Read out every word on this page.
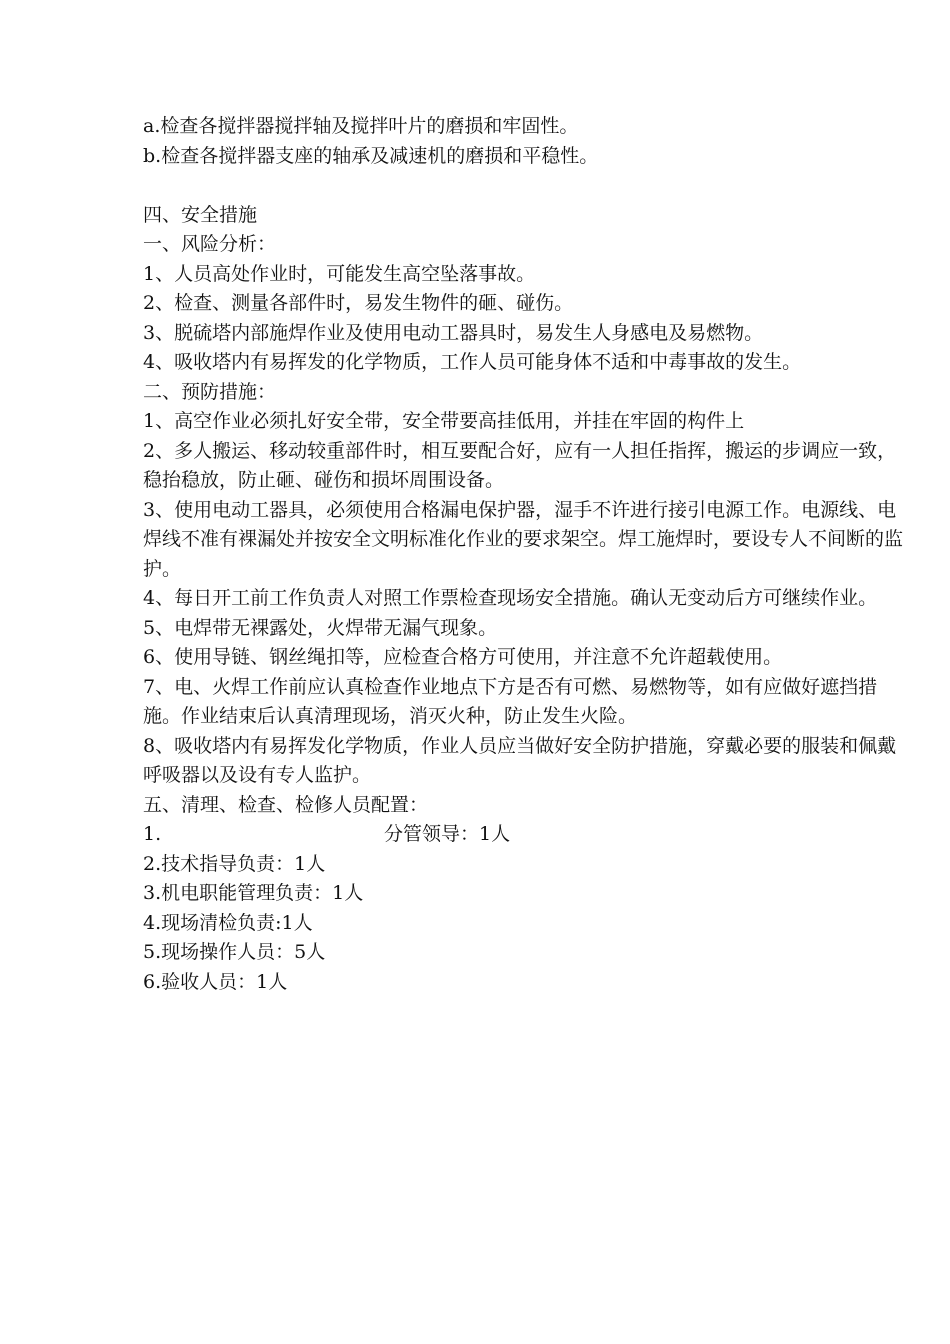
a.检查各搅拌器搅拌轴及搅拌叶片的磨损和牢固性。

b.检查各搅拌器支座的轴承及减速机的磨损和平稳性。

四、安全措施

一、风险分析：

1、人员高处作业时，可能发生高空坠落事故。

2、检查、测量各部件时，易发生物件的砸、碰伤。

3、脱硫塔内部施焊作业及使用电动工器具时，易发生人身感电及易燃物。

4、吸收塔内有易挥发的化学物质，工作人员可能身体不适和中毒事故的发生。

二、预防措施：

1、高空作业必须扎好安全带，安全带要高挂低用，并挂在牢固的构件上

2、多人搬运、移动较重部件时，相互要配合好，应有一人担任指挥，搬运的步调应一致，稳抬稳放，防止砸、碰伤和损坏周围设备。

3、使用电动工器具，必须使用合格漏电保护器，湿手不许进行接引电源工作。电源线、电焊线不准有裸漏处并按安全文明标准化作业的要求架空。焊工施焊时，要设专人不间断的监护。

4、每日开工前工作负责人对照工作票检查现场安全措施。确认无变动后方可继续作业。

5、电焊带无裸露处，火焊带无漏气现象。

6、使用导链、钢丝绳扣等，应检查合格方可使用，并注意不允许超载使用。

7、电、火焊工作前应认真检查作业地点下方是否有可燃、易燃物等，如有应做好遮挡措施。作业结束后认真清理现场，消灭火种，防止发生火险。

8、吸收塔内有易挥发化学物质，作业人员应当做好安全防护措施，穿戴必要的服装和佩戴呼吸器以及设有专人监护。

五、清理、检查、检修人员配置：

1.	分管领导：1人

2.技术指导负责：1人

3.机电职能管理负责：1人

4.现场清检负责:1人

5.现场操作人员：5人

6.验收人员：1人
